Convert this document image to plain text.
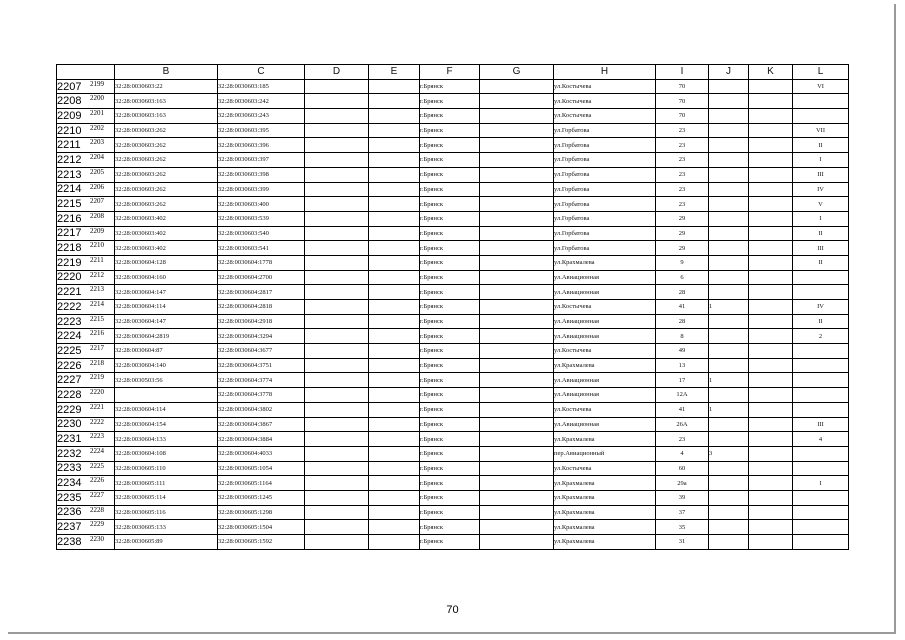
	B	C	D	E	F	G	H	I	J	K	L
2207 2199	32:28:0030603:22	32:28:0030603:185			г.Брянск		ул.Костычева	70			VI
2208 2200	32:28:0030603:163	32:28:0030603:242			г.Брянск		ул.Костычева	70			
2209 2201	32:28:0030603:163	32:28:0030603:243			г.Брянск		ул.Костычева	70			
2210 2202	32:28:0030603:262	32:28:0030603:395			г.Брянск		ул.Горбатова	23			VII
2211 2203	32:28:0030603:262	32:28:0030603:396			г.Брянск		ул.Горбатова	23			II
2212 2204	32:28:0030603:262	32:28:0030603:397			г.Брянск		ул.Горбатова	23			I
2213 2205	32:28:0030603:262	32:28:0030603:398			г.Брянск		ул.Горбатова	23			III
2214 2206	32:28:0030603:262	32:28:0030603:399			г.Брянск		ул.Горбатова	23			IV
2215 2207	32:28:0030603:262	32:28:0030603:400			г.Брянск		ул.Горбатова	23			V
2216 2208	32:28:0030603:402	32:28:0030603:539			г.Брянск		ул.Горбатова	29			I
2217 2209	32:28:0030603:402	32:28:0030603:540			г.Брянск		ул.Горбатова	29			II
2218 2210	32:28:0030603:402	32:28:0030603:541			г.Брянск		ул.Горбатова	29			III
2219 2211	32:28:0030604:128	32:28:0030604:1778			г.Брянск		ул.Крахмалева	9			II
2220 2212	32:28:0030604:160	32:28:0030604:2700			г.Брянск		ул.Авиационная	6			
2221 2213	32:28:0030604:147	32:28:0030604:2817			г.Брянск		ул.Авиационная	28			
2222 2214	32:28:0030604:114	32:28:0030604:2818			г.Брянск		ул.Костычева	41	1		IV
2223 2215	32:28:0030604:147	32:28:0030604:2918			г.Брянск		ул.Авиационная	28			II
2224 2216	32:28:0030604:2819	32:28:0030604:3294			г.Брянск		ул.Авиационная	8			2
2225 2217	32:28:0030604:87	32:28:0030604:3677			г.Брянск		ул.Костычева	49			
2226 2218	32:28:0030604:140	32:28:0030604:3751			г.Брянск		ул.Крахмалева	13			
2227 2219	32:28:0030503:56	32:28:0030604:3774			г.Брянск		ул.Авиационная	17	1		
2228 2220		32:28:0030604:3778			г.Брянск		ул.Авиационная	12А			
2229 2221	32:28:0030604:114	32:28:0030604:3802			г.Брянск		ул.Костычева	41	1		
2230 2222	32:28:0030604:154	32:28:0030604:3867			г.Брянск		ул.Авиационная	26А			III
2231 2223	32:28:0030604:133	32:28:0030604:3884			г.Брянск		ул.Крахмалева	23			4
2232 2224	32:28:0030604:108	32:28:0030604:4033			г.Брянск		пер.Авиационный	4	3		
2233 2225	32:28:0030605:110	32:28:0030605:1054			г.Брянск		ул.Костычева	60			
2234 2226	32:28:0030605:111	32:28:0030605:1164			г.Брянск		ул.Крахмалева	29а			I
2235 2227	32:28:0030605:114	32:28:0030605:1245			г.Брянск		ул.Крахмалева	39			
2236 2228	32:28:0030605:116	32:28:0030605:1298			г.Брянск		ул.Крахмалева	37			
2237 2229	32:28:0030605:133	32:28:0030605:1504			г.Брянск		ул.Крахмалева	35			
2238 2230	32:28:0030605:89	32:28:0030605:1592			г.Брянск		ул.Крахмалева	31			
70
